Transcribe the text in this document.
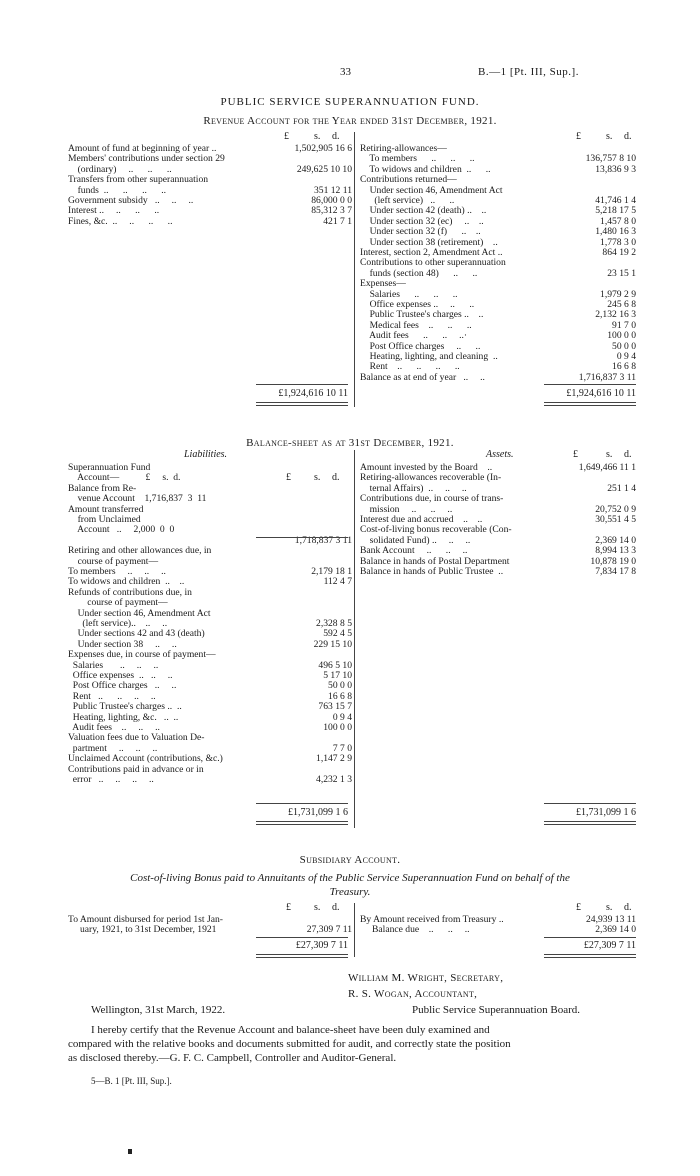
33	B.—1 [Pt. III, Sup.].
PUBLIC SERVICE SUPERANNUATION FUND.
Revenue Account for the Year ended 31st December, 1921.
£	s. d.	£	s. d.
Amount of fund at beginning of year ..	1,502,905 16 6
Members' contributions under section 29
(ordinary)     ..      ..      ..	249,625 10 10
Transfers from other superannuation
funds  ..      ..      ..      ..	351 12 11
Government subsidy   ..     ..     ..	86,000 0 0
Interest ..     ..      ..      ..	85,312 3 7
Fines, &c.  ..     ..      ..      ..	421 7 1
Retiring-allowances—
To members      ..      ..      ..	136,757 8 10
To widows and children  ..      ..	13,836 9 3
Contributions returned—
Under section 46, Amendment Act
(left service)   ..      ..	41,746 1 4
Under section 42 (death) ..    ..	5,218 17 5
Under section 32 (ec)     ..    ..	1,457 8 0
Under section 32 (f)      ..    ..	1,480 16 3
Under section 38 (retirement)    ..	1,778 3 0
Interest, section 2, Amendment Act ..	864 19 2
Contributions to other superannuation
funds (section 48)      ..      ..	23 15 1
Expenses—
Salaries      ..      ..      ..	1,979 2 9
Office expenses ..     ..      ..	245 6 8
Public Trustee's charges ..    ..	2,132 16 3
Medical fees    ..      ..      ..	91 7 0
Audit fees      ..      ..     ..·	100 0 0
Post Office charges     ..      ..	50 0 0
Heating, lighting, and cleaning  ..	0 9 4
Rent    ..      ..      ..      ..	16 6 8
Balance as at end of year   ..     ..	1,716,837 3 11
£1,924,616 10 11	£1,924,616 10 11
Balance-sheet as at 31st December, 1921.
Liabilities.	Assets.	£	s. d.
£ s. d.
Superannuation Fund
Account—           £     s.  d.
Balance from Re-
venue Account    1,716,837  3  11
Amount transferred
from Unclaimed
Account   ..     2,000  0  0
1,718,837 3 11
Retiring and other allowances due, in
course of payment—
To members     ..     ..     ..	2,179 18 1
To widows and children  ..    ..	112 4 7
Refunds of contributions due, in
course of payment—
Under section 46, Amendment Act
(left service)..    ..     ..	2,328 8 5
Under sections 42 and 43 (death)	592 4 5
Under section 38     ..     ..	229 15 10
Expenses due, in course of payment—
Salaries       ..     ..     ..	496 5 10
Office expenses  ..   ..     ..	5 17 10
Post Office charges   ..     ..	50 0 0
Rent   ..      ..     ..     ..	16 6 8
Public Trustee's charges ..  ..	763 15 7
Heating, lighting, &c.   ..  ..	0 9 4
Audit fees    ..     ..     ..	100 0 0
Valuation fees due to Valuation De-
partment     ..     ..     ..	7 7 0
Unclaimed Account (contributions, &c.)	1,147 2 9
Contributions paid in advance or in
error   ..     ..     ..     ..	4,232 1 3
Amount invested by the Board    ..	1,649,466 11 1
Retiring-allowances recoverable (In-
ternal Affairs)  ..     ..     ..	251 1 4
Contributions due, in course of trans-
mission     ..      ..     ..	20,752 0 9
Interest due and accrued    ..    ..	30,551 4 5
Cost-of-living bonus recoverable (Con-
solidated Fund) ..     ..     ..	2,369 14 0
Bank Account     ..      ..     ..	8,994 13 3
Balance in hands of Postal Department	10,878 19 0
Balance in hands of Public Trustee  ..	7,834 17 8
£1,731,099 1 6	£1,731,099 1 6
Subsidiary Account.
Cost-of-living Bonus paid to Annuitants of the Public Service Superannuation Fund on behalf of the
Treasury.
£ s. d.	£	s. d.
To Amount disbursed for period 1st Jan-
uary, 1921, to 31st December, 1921	27,309 7 11
By Amount received from Treasury ..	24,939 13 11
Balance due    ..      ..     ..	2,369 14 0
£27,309 7 11	£27,309 7 11
William M. Wright, Secretary,
R. S. Wogan, Accountant,
Wellington, 31st March, 1922.	Public Service Superannuation Board.
I hereby certify that the Revenue Account and balance-sheet have been duly examined and
compared with the relative books and documents submitted for audit, and correctly state the position
as disclosed thereby.—G. F. C. Campbell, Controller and Auditor-General.
5—B. 1 [Pt. III, Sup.].
